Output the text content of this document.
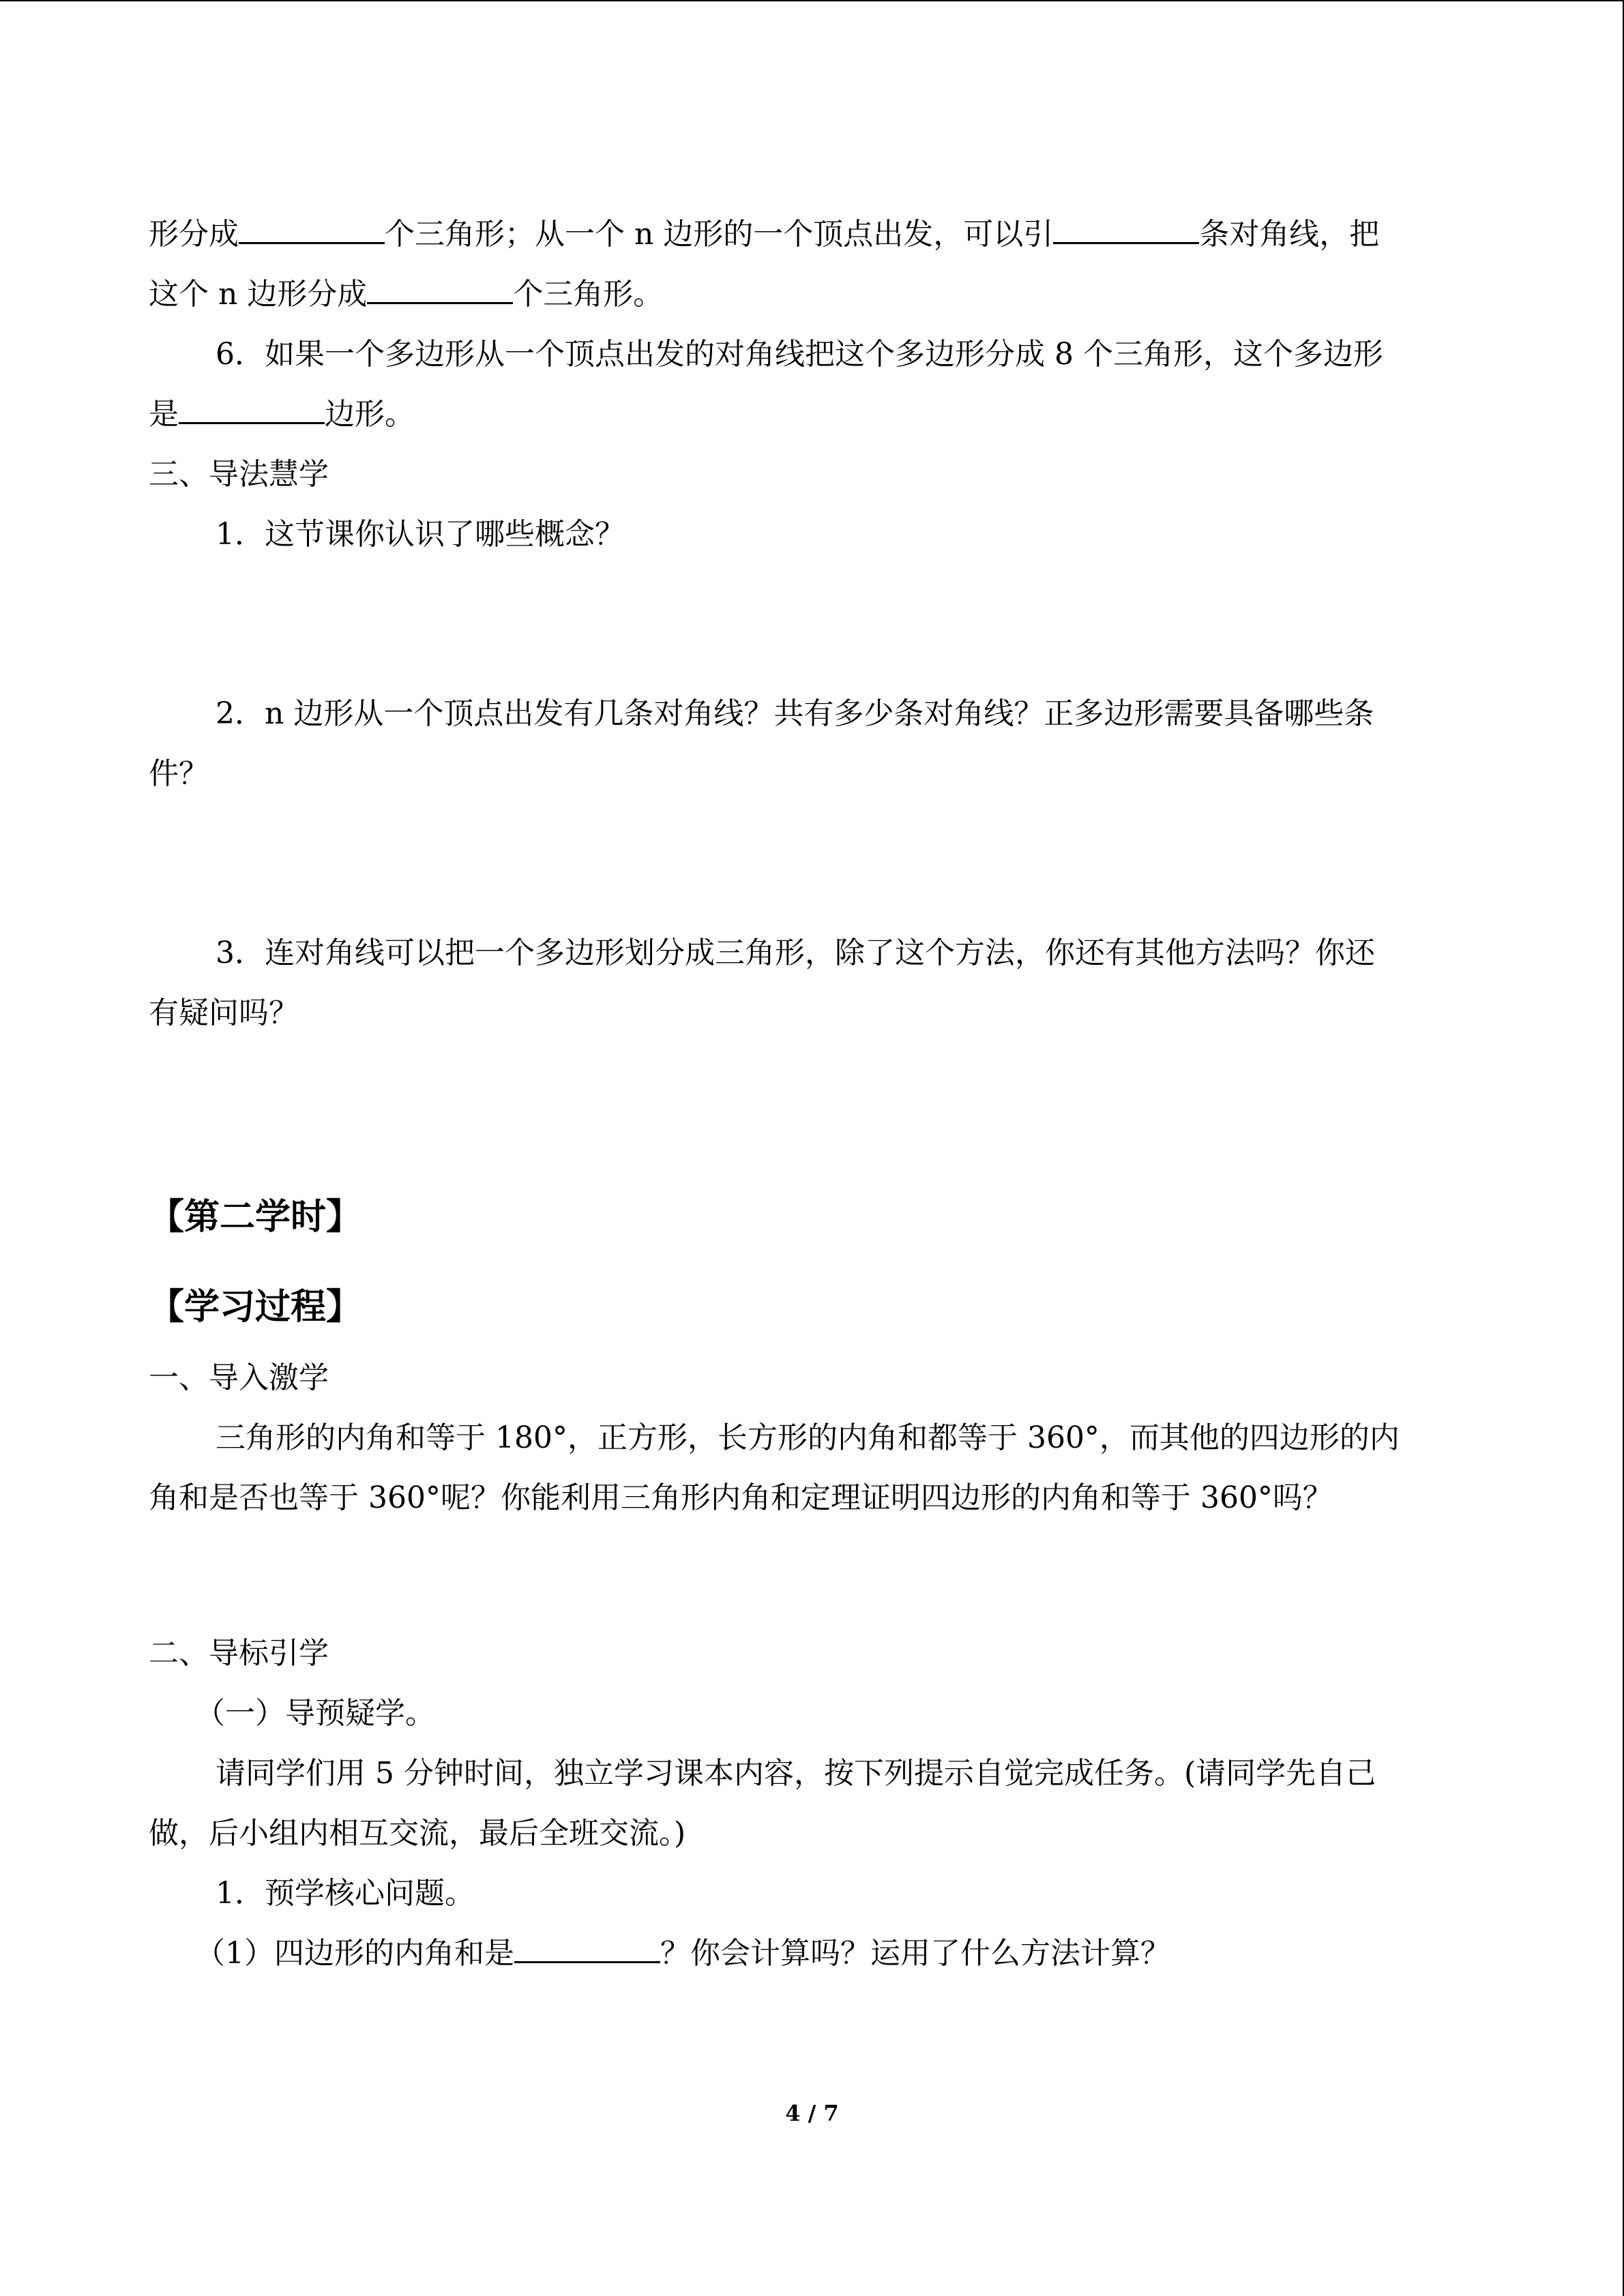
形分成	个三角形；从一个 n 边形的一个顶点出发，可以引	条对角线，把

这个 n 边形分成	个三角形。

6．如果一个多边形从一个顶点出发的对角线把这个多边形分成 8 个三角形，这个多边形

是	边形。

三、导法慧学

1．这节课你认识了哪些概念？

2．n 边形从一个顶点出发有几条对角线？共有多少条对角线？正多边形需要具备哪些条

件？

3．连对角线可以把一个多边形划分成三角形，除了这个方法，你还有其他方法吗？你还

有疑问吗？

【第二学时】

【学习过程】

一、导入激学

三角形的内角和等于 180°，正方形，长方形的内角和都等于 360°，而其他的四边形的内

角和是否也等于 360°呢？你能利用三角形内角和定理证明四边形的内角和等于 360°吗？

二、导标引学

（一）导预疑学。

请同学们用 5 分钟时间，独立学习课本内容，按下列提示自觉完成任务。(请同学先自己

做，后小组内相互交流，最后全班交流。)

1．预学核心问题。

（1）四边形的内角和是	？你会计算吗？运用了什么方法计算？

4 / 7
